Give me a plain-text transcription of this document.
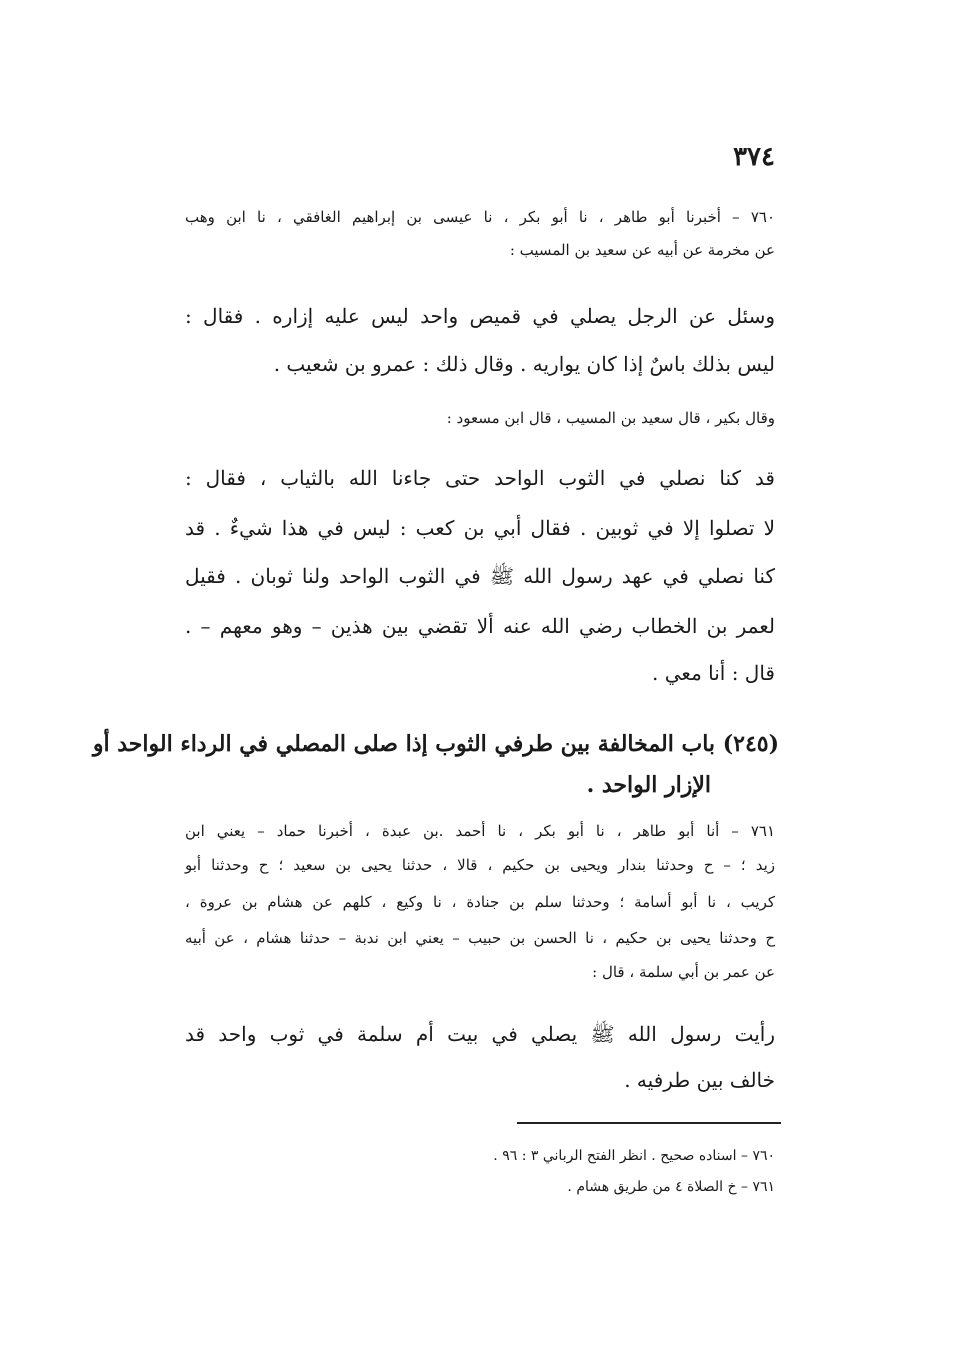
٣٧٤
٧٦٠ – أخبرنا أبو طاهر ، نا أبو بكر ، نا عيسى بن إبراهيم الغافقي ، نا ابن وهب
عن مخرمة عن أبيه عن سعيد بن المسيب :
وسئل عن الرجل يصلي في قميص واحد ليس عليه إزاره . فقال :
ليس بذلك باسٌ إذا كان يواريه . وقال ذلك : عمرو بن شعيب .
وقال بكير ، قال سعيد بن المسيب ، قال ابن مسعود :
قد كنا نصلي في الثوب الواحد حتى جاءنا الله بالثياب ، فقال :
لا تصلوا إلا في ثوبين . فقال أبي بن كعب : ليس في هذا شيءٌ . قد
كنا نصلي في عهد رسول الله ﷺ في الثوب الواحد ولنا ثوبان . فقيل
لعمر بن الخطاب رضي الله عنه ألا تقضي بين هذين – وهو معهم – .
قال : أنا معي .
(٢٤٥) باب المخالفة بين طرفي الثوب إذا صلى المصلي في الرداء الواحد أو
الإزار الواحد .
٧٦١ – أنا أبو طاهر ، نا أبو بكر ، نا أحمد .بن عبدة ، أخبرنا حماد – يعني ابن
زيد ؛ – ح وحدثنا بندار ويحيى بن حكيم ، قالا ، حدثنا يحيى بن سعيد ؛ ح وحدثنا أبو
كريب ، نا أبو أسامة ؛ وحدثنا سلم بن جنادة ، نا وكيع ، كلهم عن هشام بن عروة ،
ح وحدثنا يحيى بن حكيم ، نا الحسن بن حبيب – يعني ابن ندبة – حدثنا هشام ، عن أبيه
عن عمر بن أبي سلمة ، قال :
رأيت رسول الله ﷺ يصلي في بيت أم سلمة في ثوب واحد قد
خالف بين طرفيه .
٧٦٠ – اسناده صحيح . انظر الفتح الرباني ٣ : ٩٦ .
٧٦١ – خ الصلاة ٤ من طريق هشام .
